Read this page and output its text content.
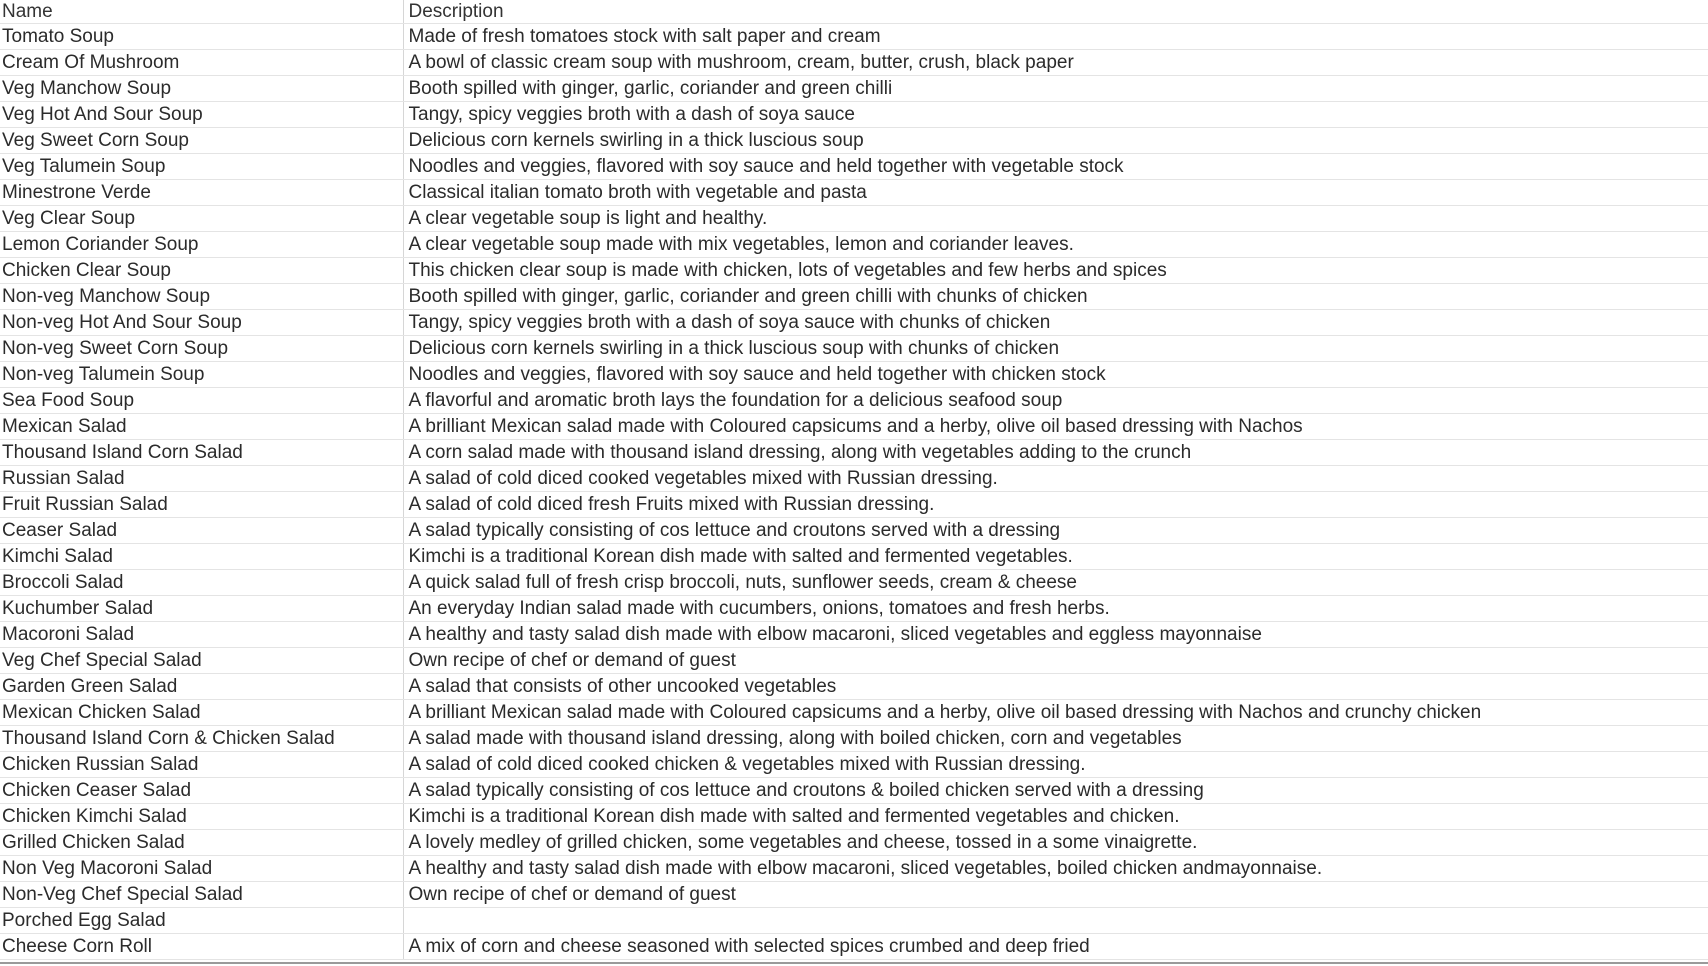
Name	Description
Tomato Soup	Made of fresh tomatoes stock with salt paper and cream
Cream Of Mushroom	A bowl of classic cream soup with mushroom, cream, butter, crush, black paper
Veg Manchow Soup	Booth spilled with ginger, garlic, coriander and green chilli
Veg Hot And Sour Soup	Tangy, spicy veggies broth with a dash of soya sauce
Veg Sweet Corn Soup	Delicious corn kernels swirling in a thick luscious soup
Veg Talumein Soup	Noodles and veggies, flavored with soy sauce and held together with vegetable stock
Minestrone Verde	Classical italian tomato broth with vegetable and pasta
Veg Clear Soup	A clear vegetable soup is light and healthy.
Lemon Coriander Soup	A clear vegetable soup made with mix vegetables, lemon and coriander leaves.
Chicken Clear Soup	This chicken clear soup is made with chicken, lots of vegetables and few herbs and spices
Non-veg Manchow Soup	Booth spilled with ginger, garlic, coriander and green chilli with chunks of chicken
Non-veg Hot And Sour Soup	Tangy, spicy veggies broth with a dash of soya sauce with chunks of chicken
Non-veg Sweet Corn Soup	Delicious corn kernels swirling in a thick luscious soup with chunks of chicken
Non-veg Talumein Soup	Noodles and veggies, flavored with soy sauce and held together with chicken stock
Sea Food Soup	A flavorful and aromatic broth lays the foundation for a delicious seafood soup
Mexican Salad	A brilliant Mexican salad made with Coloured capsicums and a herby, olive oil based dressing with Nachos
Thousand Island Corn Salad	A corn salad made with thousand island dressing, along with vegetables adding to the crunch
Russian Salad	A salad of cold diced cooked vegetables mixed with Russian dressing.
Fruit Russian Salad	A salad of cold diced fresh Fruits mixed with Russian dressing.
Ceaser Salad	A salad typically consisting of cos lettuce and croutons served with a dressing
Kimchi Salad	Kimchi is a traditional Korean dish made with salted and fermented vegetables.
Broccoli Salad	A quick salad full of fresh crisp broccoli, nuts, sunflower seeds, cream & cheese
Kuchumber Salad	An everyday Indian salad made with cucumbers, onions, tomatoes and fresh herbs.
Macoroni Salad	A healthy and tasty salad dish made with elbow macaroni, sliced vegetables and eggless mayonnaise
Veg Chef Special Salad	Own recipe of chef or demand of guest
Garden Green Salad	A salad that consists of other uncooked vegetables
Mexican Chicken Salad	A brilliant Mexican salad made with Coloured capsicums and a herby, olive oil based dressing with Nachos and crunchy chicken
Thousand Island Corn & Chicken Salad	A salad made with thousand island dressing, along with boiled chicken, corn and vegetables
Chicken Russian Salad	A salad of cold diced cooked chicken & vegetables mixed with Russian dressing.
Chicken Ceaser Salad	A salad typically consisting of cos lettuce and croutons & boiled chicken served with a dressing
Chicken Kimchi Salad	Kimchi is a traditional Korean dish made with salted and fermented vegetables and chicken.
Grilled Chicken Salad	A lovely medley of grilled chicken, some vegetables and cheese, tossed in a some vinaigrette.
Non Veg Macoroni Salad	A healthy and tasty salad dish made with elbow macaroni, sliced vegetables, boiled chicken andmayonnaise.
Non-Veg Chef Special Salad	Own recipe of chef or demand of guest
Porched Egg Salad	
Cheese Corn Roll	A mix of corn and cheese seasoned with selected spices crumbed and deep fried
